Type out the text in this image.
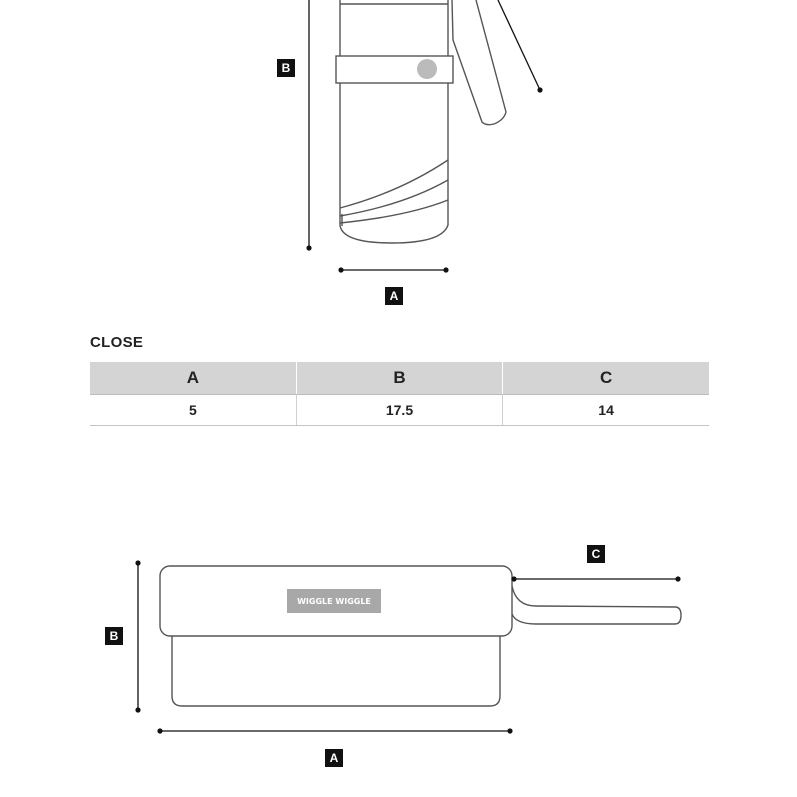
WIGGLE WIGGLE
B
A
B
A
C
CLOSE
A	B	C
5	17.5	14
